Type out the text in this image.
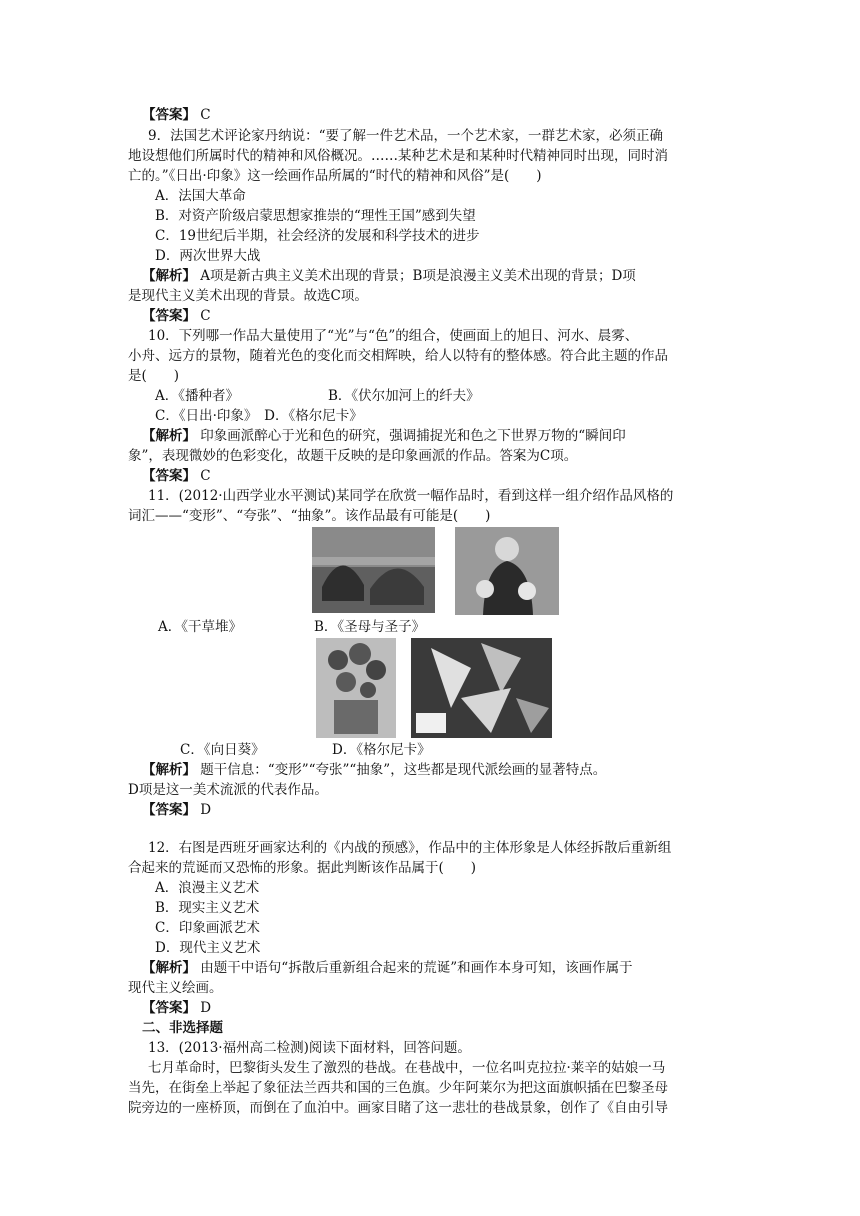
【答案】 C
9．法国艺术评论家丹纳说：“要了解一件艺术品，一个艺术家，一群艺术家，必须正确
地设想他们所属时代的精神和风俗概况。……某种艺术是和某种时代精神同时出现，同时消
亡的。”《日出·印象》这一绘画作品所属的“时代的精神和风俗”是(　　)
A．法国大革命
B．对资产阶级启蒙思想家推崇的“理性王国”感到失望
C．19世纪后半期，社会经济的发展和科学技术的进步
D．两次世界大战
【解析】 A项是新古典主义美术出现的背景；B项是浪漫主义美术出现的背景；D项
是现代主义美术出现的背景。故选C项。
【答案】 C
10．下列哪一作品大量使用了“光”与“色”的组合，使画面上的旭日、河水、晨雾、
小舟、远方的景物，随着光色的变化而交相辉映，给人以特有的整体感。符合此主题的作品
是(　　)
A．《播种者》	B．《伏尔加河上的纤夫》
C．《日出·印象》　D．《格尔尼卡》
【解析】 印象画派醉心于光和色的研究，强调捕捉光和色之下世界万物的“瞬间印
象”，表现微妙的色彩变化，故题干反映的是印象画派的作品。答案为C项。
【答案】 C
11．(2012·山西学业水平测试)某同学在欣赏一幅作品时，看到这样一组介绍作品风格的
词汇——“变形”、“夸张”、“抽象”。该作品最有可能是(　　)
A．《干草堆》	B．《圣母与圣子》
C．《向日葵》	D．《格尔尼卡》
【解析】 题干信息：“变形”“夸张”“抽象”，这些都是现代派绘画的显著特点。
D项是这一美术流派的代表作品。
【答案】 D
12．右图是西班牙画家达利的《内战的预感》，作品中的主体形象是人体经拆散后重新组
合起来的荒诞而又恐怖的形象。据此判断该作品属于(　　)
A．浪漫主义艺术
B．现实主义艺术
C．印象画派艺术
D．现代主义艺术
【解析】 由题干中语句“拆散后重新组合起来的荒诞”和画作本身可知，该画作属于
现代主义绘画。
【答案】 D
二、非选择题
13．(2013·福州高二检测)阅读下面材料，回答问题。
七月革命时，巴黎街头发生了激烈的巷战。在巷战中，一位名叫克拉拉·莱辛的姑娘一马
当先，在街垒上举起了象征法兰西共和国的三色旗。少年阿莱尔为把这面旗帜插在巴黎圣母
院旁边的一座桥顶，而倒在了血泊中。画家目睹了这一悲壮的巷战景象，创作了《自由引导
